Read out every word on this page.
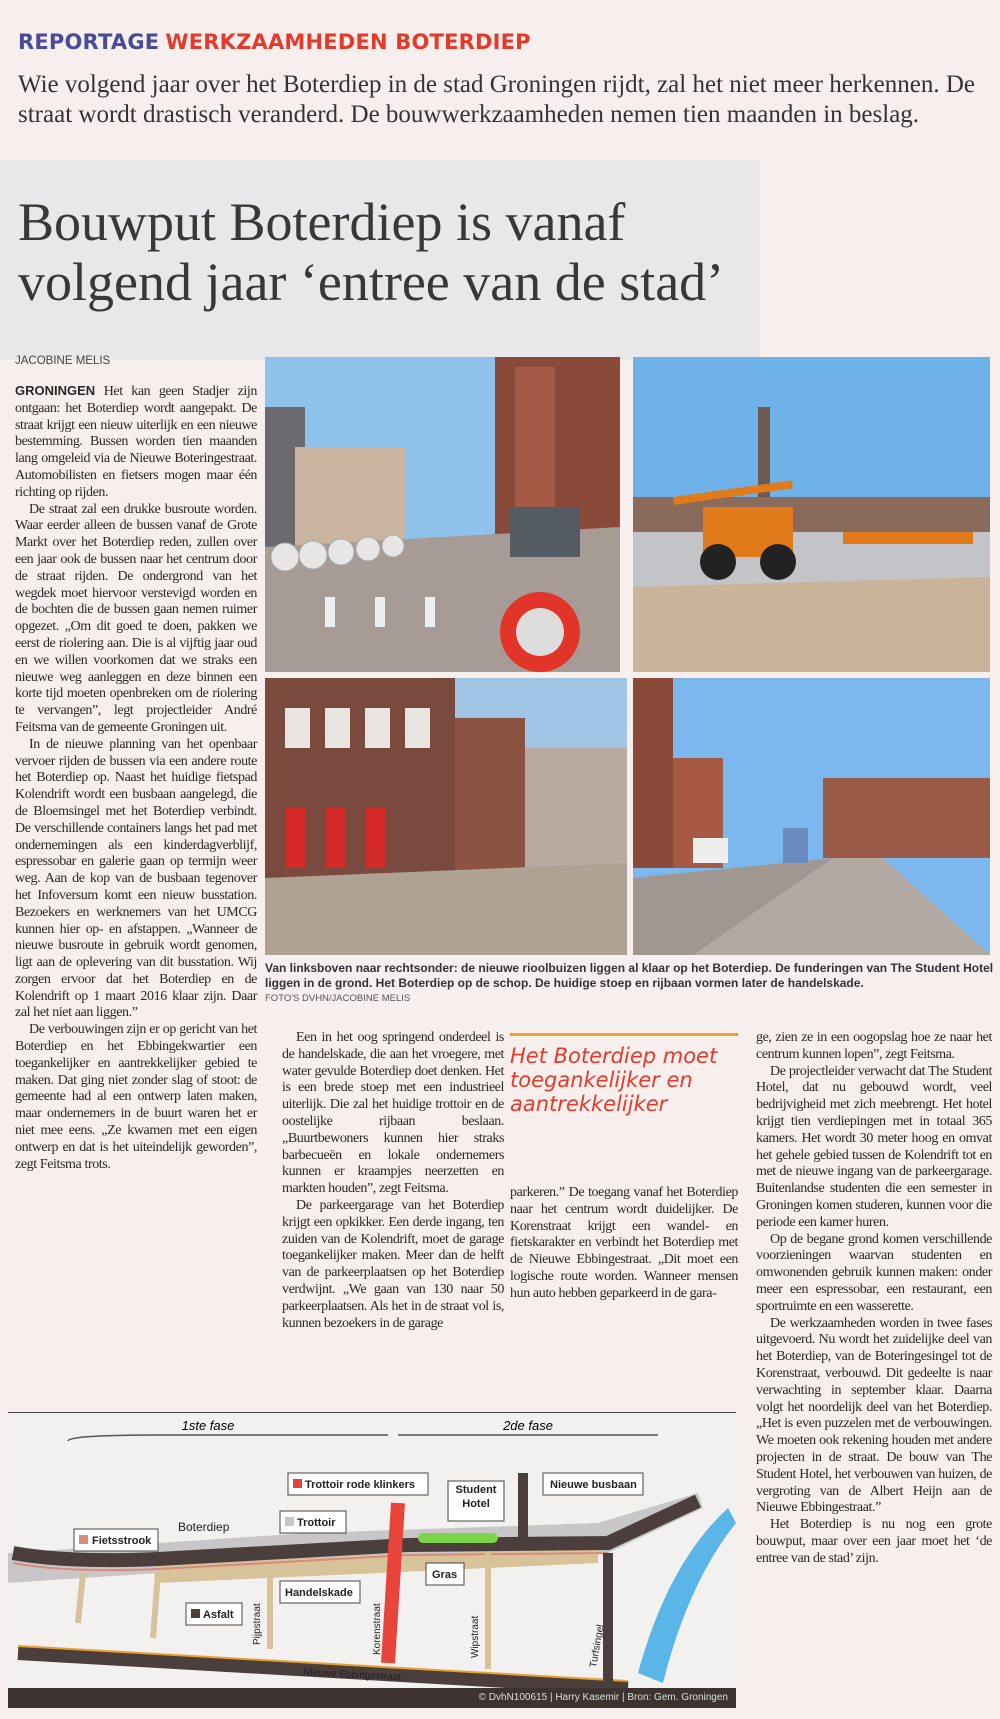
REPORTAGE WERKZAAMHEDEN BOTERDIEP
Wie volgend jaar over het Boterdiep in de stad Groningen rijdt, zal het niet meer herkennen. De straat wordt drastisch veranderd. De bouwwerkzaamheden nemen tien maanden in beslag.
Bouwput Boterdiep is vanaf
volgend jaar ‘entree van de stad’
JACOBINE MELIS

GRONINGEN Het kan geen Stadjer zijn ontgaan: het Boterdiep wordt aangepakt. De straat krijgt een nieuw uiterlijk en een nieuwe bestemming. Bussen worden tien maanden lang omgeleid via de Nieuwe Boteringestraat. Automobilisten en fietsers mogen maar één richting op rijden.

De straat zal een drukke busroute worden. Waar eerder alleen de bussen vanaf de Grote Markt over het Boterdiep reden, zullen over een jaar ook de bussen naar het centrum door de straat rijden. De ondergrond van het wegdek moet hiervoor verstevigd worden en de bochten die de bussen gaan nemen ruimer opgezet. „Om dit goed te doen, pakken we eerst de riolering aan. Die is al vijftig jaar oud en we willen voorkomen dat we straks een nieuwe weg aanleggen en deze binnen een korte tijd moeten openbreken om de riolering te vervangen”, legt projectleider André Feitsma van de gemeente Groningen uit.

In de nieuwe planning van het openbaar vervoer rijden de bussen via een andere route het Boterdiep op. Naast het huidige fietspad Kolendrift wordt een busbaan aangelegd, die de Bloemsingel met het Boterdiep verbindt. De verschillende containers langs het pad met ondernemingen als een kinderdagverblijf, espressobar en galerie gaan op termijn weer weg. Aan de kop van de busbaan tegenover het Infoversum komt een nieuw busstation. Bezoekers en werknemers van het UMCG kunnen hier op- en afstappen. „Wanneer de nieuwe busroute in gebruik wordt genomen, ligt aan de oplevering van dit busstation. Wij zorgen ervoor dat het Boterdiep en de Kolendrift op 1 maart 2016 klaar zijn. Daar zal het niet aan liggen.”

De verbouwingen zijn er op gericht van het Boterdiep en het Ebbingekwartier een toegankelijker en aantrekkelijker gebied te maken. Dat ging niet zonder slag of stoot: de gemeente had al een ontwerp laten maken, maar ondernemers in de buurt waren het er niet mee eens. „Ze kwamen met een eigen ontwerp en dat is het uiteindelijk geworden”, zegt Feitsma trots.

Van linksboven naar rechtsonder: de nieuwe rioolbuizen liggen al klaar op het Boterdiep. De funderingen van The Student Hotel liggen in de grond. Het Boterdiep op de schop. De huidige stoep en rijbaan vormen later de handelskade.
FOTO'S DVHN/JACOBINE MELIS

Een in het oog springend onderdeel is de handelskade, die aan het vroegere, met water gevulde Boterdiep doet denken. Het is een brede stoep met een industrieel uiterlijk. Die zal het huidige trottoir en de oostelijke rijbaan beslaan. „Buurtbewoners kunnen hier straks barbecueën en lokale ondernemers kunnen er kraampjes neerzetten en markten houden”, zegt Feitsma.

De parkeergarage van het Boterdiep krijgt een opkikker. Een derde ingang, ten zuiden van de Kolendrift, moet de garage toegankelijker maken. Meer dan de helft van de parkeerplaatsen op het Boterdiep verdwijnt. „We gaan van 130 naar 50 parkeerplaatsen. Als het in de straat vol is, kunnen bezoekers in de garage

Het Boterdiep moet toegankelijker en aantrekkelijker

parkeren.” De toegang vanaf het Boterdiep naar het centrum wordt duidelijker. De Korenstraat krijgt een wandel- en fietskarakter en verbindt het Boterdiep met de Nieuwe Ebbingestraat. „Dit moet een logische route worden. Wanneer mensen hun auto hebben geparkeerd in de gara-

ge, zien ze in een oogopslag hoe ze naar het centrum kunnen lopen”, zegt Feitsma.

De projectleider verwacht dat The Student Hotel, dat nu gebouwd wordt, veel bedrijvigheid met zich meebrengt. Het hotel krijgt tien verdiepingen met in totaal 365 kamers. Het wordt 30 meter hoog en omvat het gehele gebied tussen de Kolendrift tot en met de nieuwe ingang van de parkeergarage. Buitenlandse studenten die een semester in Groningen komen studeren, kunnen voor die periode een kamer huren.

Op de begane grond komen verschillende voorzieningen waarvan studenten en omwonenden gebruik kunnen maken: onder meer een espressobar, een restaurant, een sportruimte en een wasserette.

De werkzaamheden worden in twee fases uitgevoerd. Nu wordt het zuidelijke deel van het Boterdiep, van de Boteringesingel tot de Korenstraat, verbouwd. Dit gedeelte is naar verwachting in september klaar. Daarna volgt het noordelijk deel van het Boterdiep. „Het is even puzzelen met de verbouwingen. We moeten ook rekening houden met andere projecten in de straat. De bouw van The Student Hotel, het verbouwen van huizen, de vergroting van de Albert Heijn aan de Nieuwe Ebbingestraat.”

Het Boterdiep is nu nog een grote bouwput, maar over een jaar moet het ‘de entree van de stad’ zijn.

1ste fase	2de fase
Boterdiep
Pijpstraat	Korenstraat	Wipstraat	Turfsingel
Nieuwe Ebbingestraat
Fietsstrook
Asfalt
Trottoir
Trottoir rode klinkers
Handelskade
Gras
Student Hotel
Nieuwe busbaan
© DvhN100615 | Harry Kasemir | Bron: Gem. Groningen
